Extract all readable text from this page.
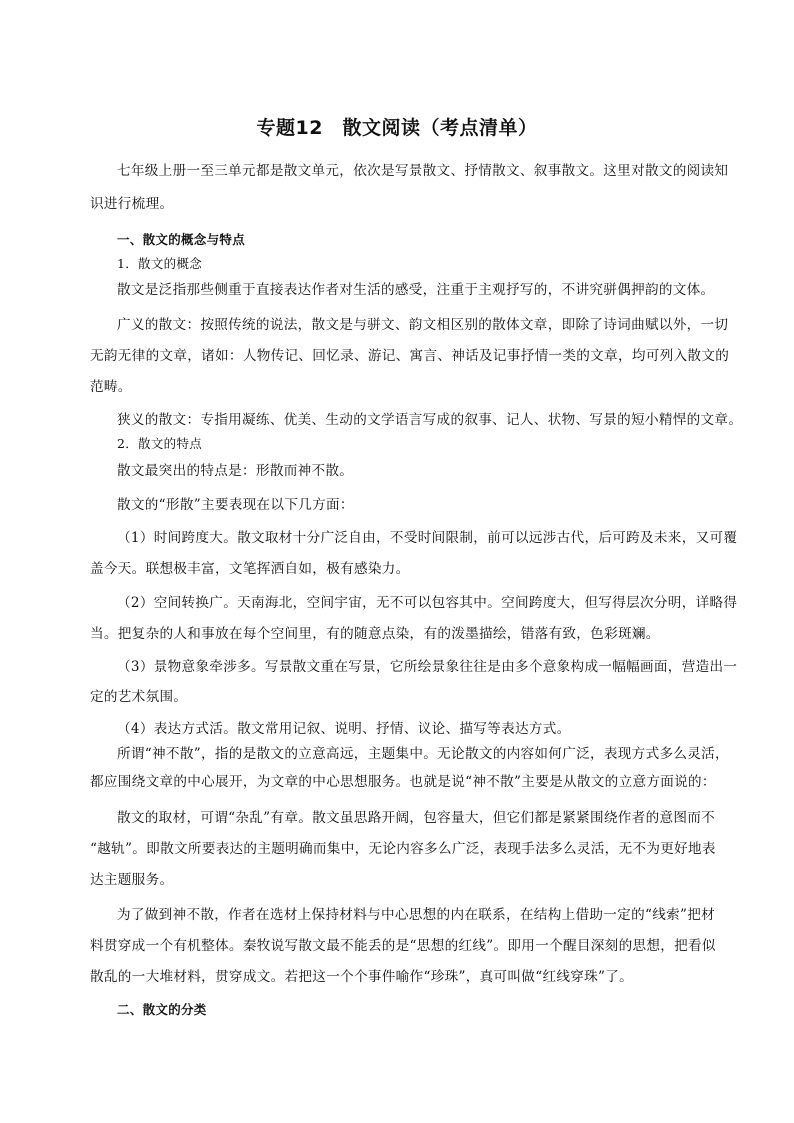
专题12　散文阅读（考点清单）
七年级上册一至三单元都是散文单元，依次是写景散文、抒情散文、叙事散文。这里对散文的阅读知
识进行梳理。
一、散文的概念与特点
1．散文的概念
散文是泛指那些侧重于直接表达作者对生活的感受，注重于主观抒写的，不讲究骈偶押韵的文体。
广义的散文：按照传统的说法，散文是与骈文、韵文相区别的散体文章，即除了诗词曲赋以外，一切
无韵无律的文章，诸如：人物传记、回忆录、游记、寓言、神话及记事抒情一类的文章，均可列入散文的
范畴。
狭义的散文：专指用凝练、优美、生动的文学语言写成的叙事、记人、状物、写景的短小精悍的文章。
2．散文的特点
散文最突出的特点是：形散而神不散。
散文的“形散”主要表现在以下几方面：
（1）时间跨度大。散文取材十分广泛自由，不受时间限制，前可以远涉古代，后可跨及未来，又可覆
盖今天。联想极丰富，文笔挥洒自如，极有感染力。
（2）空间转换广。天南海北，空间宇宙，无不可以包容其中。空间跨度大，但写得层次分明，详略得
当。把复杂的人和事放在每个空间里，有的随意点染，有的泼墨描绘，错落有致，色彩斑斓。
（3）景物意象牵涉多。写景散文重在写景，它所绘景象往往是由多个意象构成一幅幅画面，营造出一
定的艺术氛围。
（4）表达方式活。散文常用记叙、说明、抒情、议论、描写等表达方式。
所谓“神不散”，指的是散文的立意高远，主题集中。无论散文的内容如何广泛，表现方式多么灵活，
都应围绕文章的中心展开，为文章的中心思想服务。也就是说“神不散”主要是从散文的立意方面说的：
散文的取材，可谓“杂乱”有章。散文虽思路开阔，包容量大，但它们都是紧紧围绕作者的意图而不
“越轨”。即散文所要表达的主题明确而集中，无论内容多么广泛，表现手法多么灵活，无不为更好地表
达主题服务。
为了做到神不散，作者在选材上保持材料与中心思想的内在联系，在结构上借助一定的“线索”把材
料贯穿成一个有机整体。秦牧说写散文最不能丢的是“思想的红线”。即用一个醒目深刻的思想，把看似
散乱的一大堆材料，贯穿成文。若把这一个个事件喻作“珍珠”，真可叫做“红线穿珠”了。
二、散文的分类
